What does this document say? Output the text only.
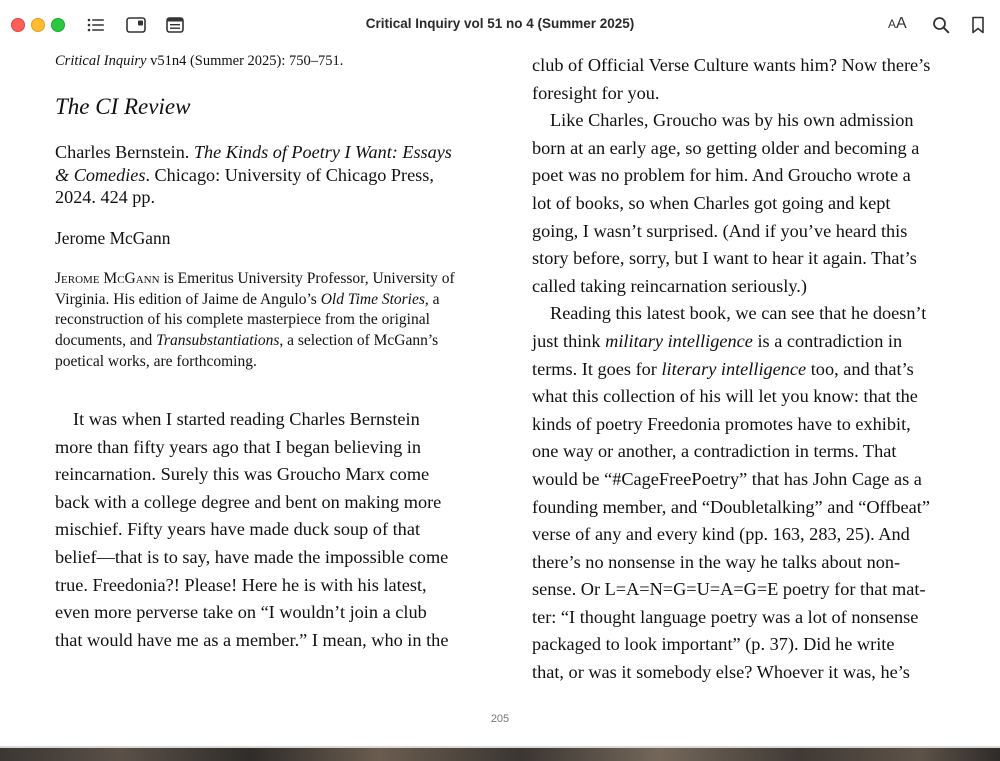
Critical Inquiry vol 51 no 4 (Summer 2025)	AA
Critical Inquiry v51n4 (Summer 2025): 750–751.
The CI Review
Charles Bernstein. The Kinds of Poetry I Want: Essays & Comedies. Chicago: University of Chicago Press, 2024. 424 pp.
Jerome McGann
Jerome McGann is Emeritus University Professor, University of Virginia. His edition of Jaime de Angulo’s Old Time Stories, a reconstruction of his complete masterpiece from the original documents, and Transubstantiations, a selection of McGann’s poetical works, are forthcoming.
It was when I started reading Charles Bernstein
more than fifty years ago that I began believing in
reincarnation. Surely this was Groucho Marx come
back with a college degree and bent on making more
mischief. Fifty years have made duck soup of that
belief—that is to say, have made the impossible come
true. Freedonia?! Please! Here he is with his latest,
even more perverse take on “I wouldn’t join a club
that would have me as a member.” I mean, who in the
club of Official Verse Culture wants him? Now there’s
foresight for you.
Like Charles, Groucho was by his own admission
born at an early age, so getting older and becoming a
poet was no problem for him. And Groucho wrote a
lot of books, so when Charles got going and kept
going, I wasn’t surprised. (And if you’ve heard this
story before, sorry, but I want to hear it again. That’s
called taking reincarnation seriously.)
Reading this latest book, we can see that he doesn’t
just think military intelligence is a contradiction in
terms. It goes for literary intelligence too, and that’s
what this collection of his will let you know: that the
kinds of poetry Freedonia promotes have to exhibit,
one way or another, a contradiction in terms. That
would be “#CageFreePoetry” that has John Cage as a
founding member, and “Doubletalking” and “Offbeat”
verse of any and every kind (pp. 163, 283, 25). And
there’s no nonsense in the way he talks about non-
sense. Or L=A=N=G=U=A=G=E poetry for that mat-
ter: “I thought language poetry was a lot of nonsense
packaged to look important” (p. 37). Did he write
that, or was it somebody else? Whoever it was, he’s
205
